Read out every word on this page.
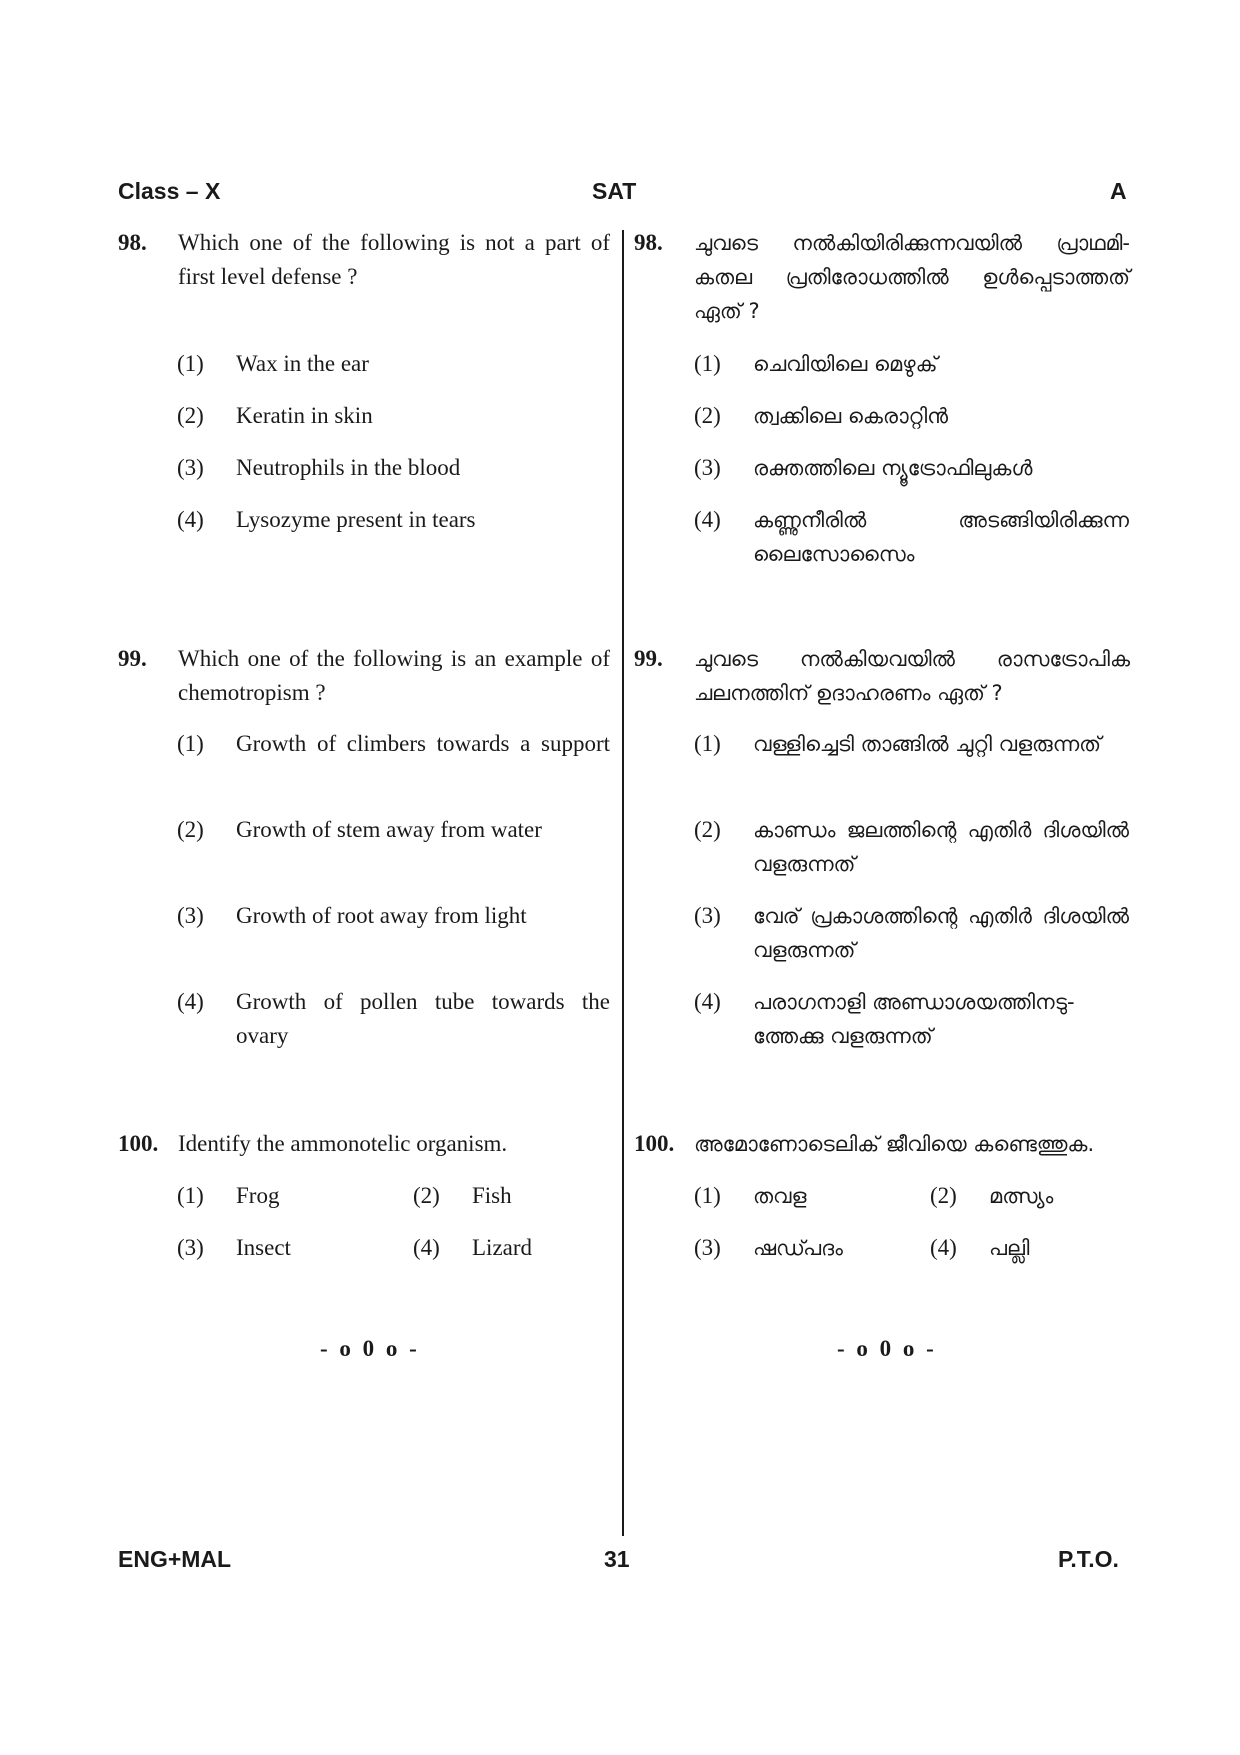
Class – X	SAT	A
98. Which one of the following is not a part of first level defense ?
(1) Wax in the ear
(2) Keratin in skin
(3) Neutrophils in the blood
(4) Lysozyme present in tears
99. Which one of the following is an example of chemotropism ?
(1) Growth of climbers towards a support
(2) Growth of stem away from water
(3) Growth of root away from light
(4) Growth of pollen tube towards the ovary
100. Identify the ammonotelic organism.
(1) Frog	(2) Fish
(3) Insect	(4) Lizard
- o 0 o -
98. ചുവടെ നൽകിയിരിക്കുന്നവയിൽ പ്രാഥമി- കതല പ്രതിരോധത്തിൽ ഉൾപ്പെടാത്തത് ഏത് ?
(1) ചെവിയിലെ മെഴുക്
(2) ത്വക്കിലെ കെരാറ്റിൻ
(3) രക്തത്തിലെ ന്യൂട്രോഫിലുകൾ
(4) കണ്ണുനീരിൽ അടങ്ങിയിരിക്കുന്ന ലൈസോസൈം
99. ചുവടെ നൽകിയവയിൽ രാസട്രോപിക ചലനത്തിന് ഉദാഹരണം ഏത് ?
(1) വള്ളിച്ചെടി താങ്ങിൽ ചുറ്റി വളരുന്നത്
(2) കാണ്ഡം ജലത്തിന്റെ എതിർ ദിശയിൽ വളരുന്നത്
(3) വേര് പ്രകാശത്തിന്റെ എതിർ ദിശയിൽ വളരുന്നത്
(4) പരാഗനാളി അണ്ഡാശയത്തിനടു- ത്തേക്കു വളരുന്നത്
100. അമോണോടെലിക് ജീവിയെ കണ്ടെത്തുക.
(1) തവള	(2) മത്സ്യം
(3) ഷഡ്പദം	(4) പല്ലി
- o 0 o -
ENG+MAL	31	P.T.O.
